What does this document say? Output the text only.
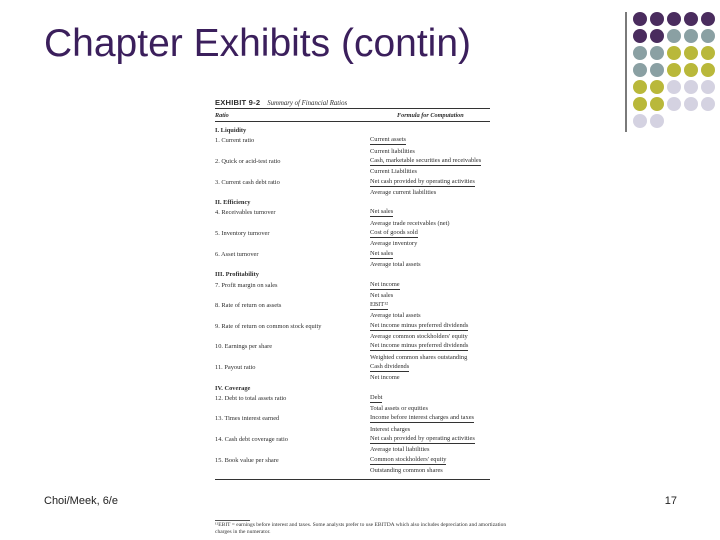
Chapter Exhibits (contin)
EXHIBIT 9-2 Summary of Financial Ratios
Ratio	Formula for Computation
I. Liquidity
1. Current ratio	Current assets
Current liabilities
2. Quick or acid-test ratio	Cash, marketable securities and receivables
Current Liabilities
3. Current cash debt ratio	Net cash provided by operating activities
Average current liabilities
II. Efficiency
4. Receivables turnover	Net sales
Average trade receivables (net)
5. Inventory turnover	Cost of goods sold
Average inventory
6. Asset turnover	Net sales
Average total assets
III. Profitability
7. Profit margin on sales	Net income
Net sales
8. Rate of return on assets	EBIT¹²
Average total assets
9. Rate of return on common stock equity	Net income minus preferred dividends
Average common stockholders' equity
10. Earnings per share	Net income minus preferred dividends
Weighted common shares outstanding
11. Payout ratio	Cash dividends
Net income
IV. Coverage
12. Debt to total assets ratio	Debt
Total assets or equities
13. Times interest earned	Income before interest charges and taxes
Interest charges
14. Cash debt coverage ratio	Net cash provided by operating activities
Average total liabilities
15. Book value per share	Common stockholders' equity
Outstanding common shares
Choi/Meek, 6/e	17
¹²EBIT = earnings before interest and taxes. Some analysts prefer to use EBITDA which also includes depreciation and amortization charges in the numerator.
